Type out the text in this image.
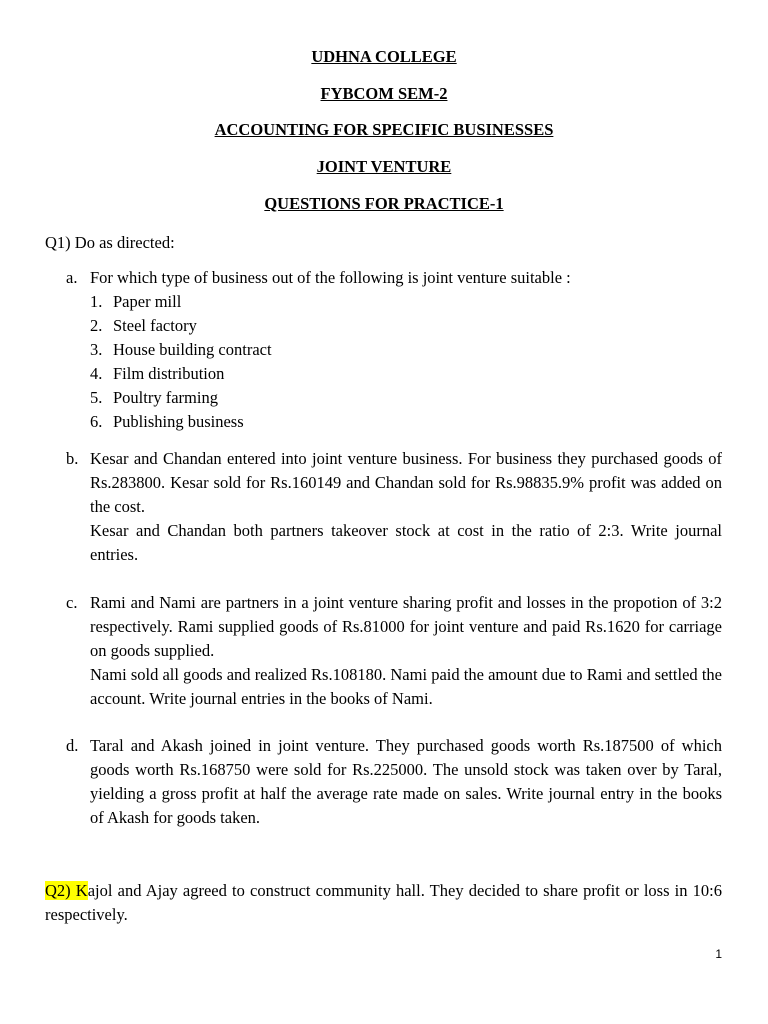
UDHNA COLLEGE
FYBCOM SEM-2
ACCOUNTING FOR SPECIFIC BUSINESSES
JOINT VENTURE
QUESTIONS FOR PRACTICE-1
Q1) Do as directed:
a. For which type of business out of the following is joint venture suitable :

1. Paper mill
2. Steel factory
3. House building contract
4. Film distribution
5. Poultry farming
6. Publishing business
b. Kesar and Chandan entered into joint venture business. For business they purchased goods of Rs.283800. Kesar sold for Rs.160149 and Chandan sold for Rs.98835.9% profit was added on the cost.

Kesar and Chandan both partners takeover stock at cost in the ratio of 2:3. Write journal entries.

c. Rami and Nami are partners in a joint venture sharing profit and losses in the propotion of 3:2 respectively. Rami supplied goods of Rs.81000 for joint venture and paid Rs.1620 for carriage on goods supplied.

Nami sold all goods and realized Rs.108180. Nami paid the amount due to Rami and settled the account. Write journal entries in the books of Nami.

d. Taral and Akash joined in joint venture. They purchased goods worth Rs.187500 of which goods worth Rs.168750 were sold for Rs.225000. The unsold stock was taken over by Taral, yielding a gross profit at half the average rate made on sales. Write journal entry in the books of Akash for goods taken.

Q2) Kajol and Ajay agreed to construct community hall. They decided to share profit or loss in 10:6 respectively.
1
